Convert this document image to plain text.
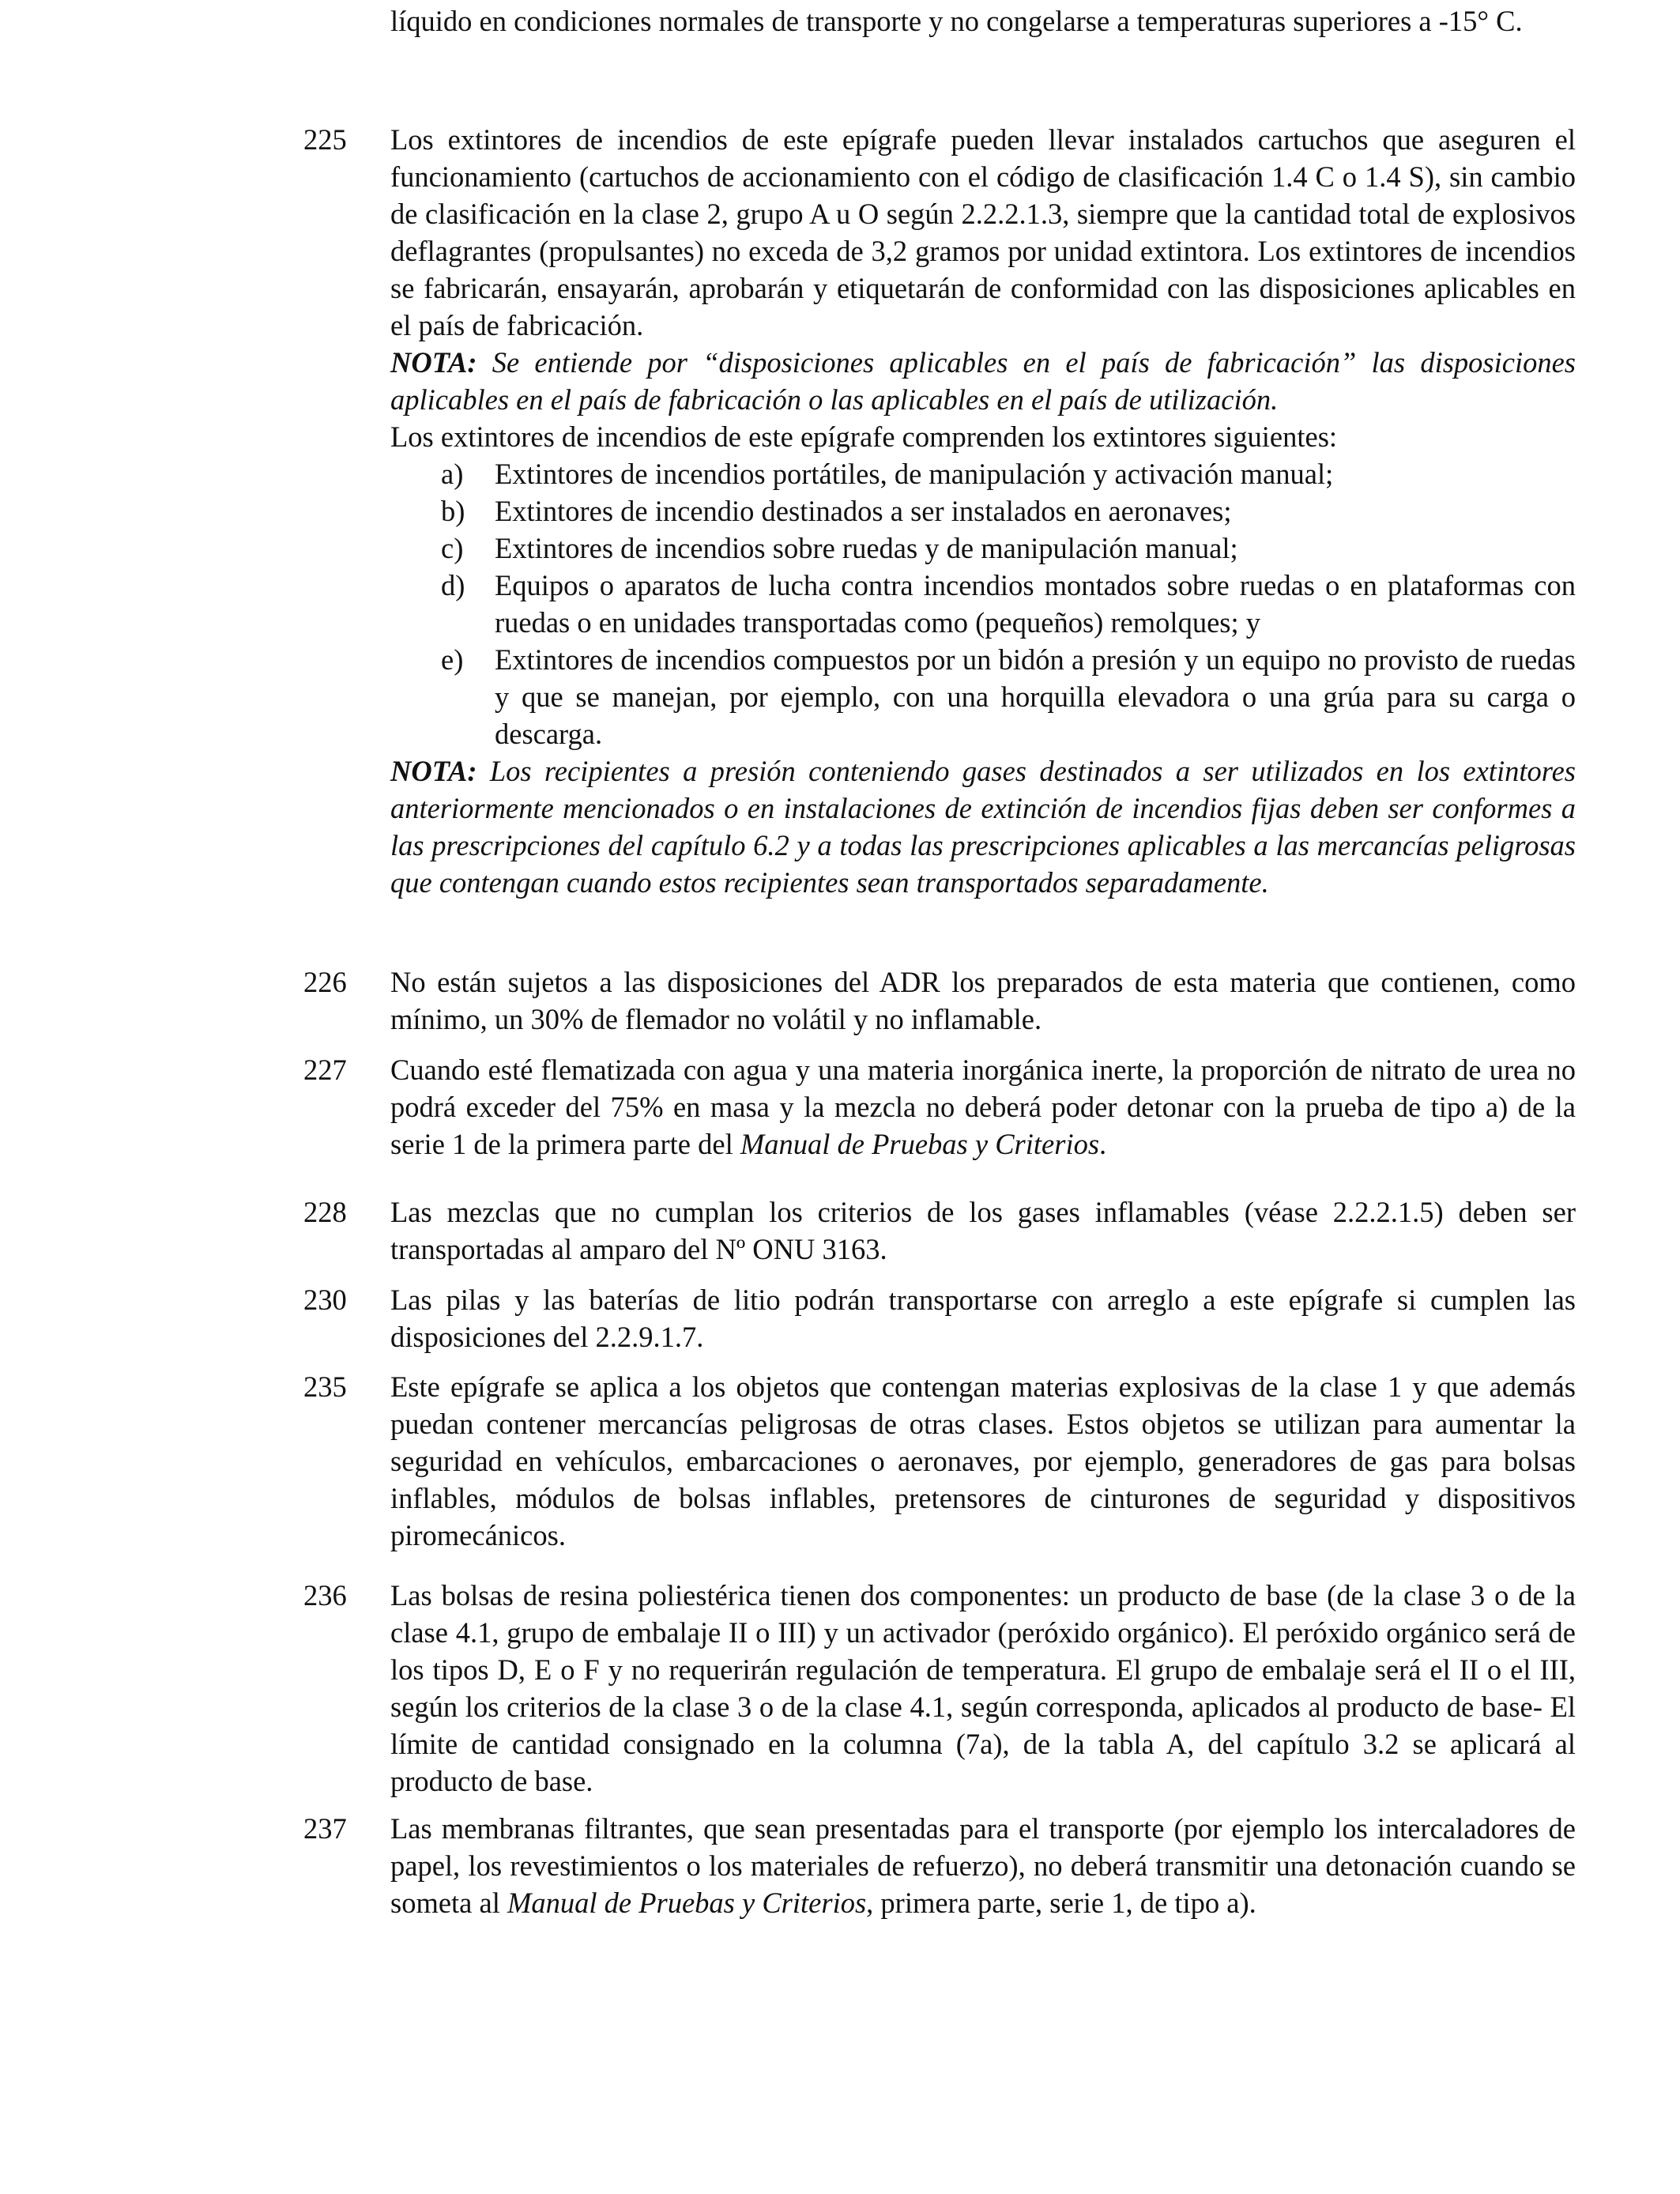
líquido en condiciones normales de transporte y no congelarse a temperaturas superiores a -15° C.
225	Los extintores de incendios de este epígrafe pueden llevar instalados cartuchos que aseguren el funcionamiento (cartuchos de accionamiento con el código de clasificación 1.4 C o 1.4 S), sin cambio de clasificación en la clase 2, grupo A u O según 2.2.2.1.3, siempre que la cantidad total de explosivos deflagrantes (propulsantes) no exceda de 3,2 gramos por unidad extintora. Los extintores de incendios se fabricarán, ensayarán, aprobarán y etiquetarán de conformidad con las disposiciones aplicables en el país de fabricación.

NOTA: Se entiende por “disposiciones aplicables en el país de fabricación” las disposiciones aplicables en el país de fabricación o las aplicables en el país de utilización.

Los extintores de incendios de este epígrafe comprenden los extintores siguientes:

a) Extintores de incendios portátiles, de manipulación y activación manual;
b) Extintores de incendio destinados a ser instalados en aeronaves;
c) Extintores de incendios sobre ruedas y de manipulación manual;
d) Equipos o aparatos de lucha contra incendios montados sobre ruedas o en plataformas con ruedas o en unidades transportadas como (pequeños) remolques; y
e) Extintores de incendios compuestos por un bidón a presión y un equipo no provisto de ruedas y que se manejan, por ejemplo, con una horquilla elevadora o una grúa para su carga o descarga.

NOTA: Los recipientes a presión conteniendo gases destinados a ser utilizados en los extintores anteriormente mencionados o en instalaciones de extinción de incendios fijas deben ser conformes a las prescripciones del capítulo 6.2 y a todas las prescripciones aplicables a las mercancías peligrosas que contengan cuando estos recipientes sean transportados separadamente.

226	No están sujetos a las disposiciones del ADR los preparados de esta materia que contienen, como mínimo, un 30% de flemador no volátil y no inflamable.

227	Cuando esté flematizada con agua y una materia inorgánica inerte, la proporción de nitrato de urea no podrá exceder del 75% en masa y la mezcla no deberá poder detonar con la prueba de tipo a) de la serie 1 de la primera parte del Manual de Pruebas y Criterios.

228	Las mezclas que no cumplan los criterios de los gases inflamables (véase 2.2.2.1.5) deben ser transportadas al amparo del Nº ONU 3163.

230	Las pilas y las baterías de litio podrán transportarse con arreglo a este epígrafe si cumplen las disposiciones del 2.2.9.1.7.

235	Este epígrafe se aplica a los objetos que contengan materias explosivas de la clase 1 y que además puedan contener mercancías peligrosas de otras clases. Estos objetos se utilizan para aumentar la seguridad en vehículos, embarcaciones o aeronaves, por ejemplo, generadores de gas para bolsas inflables, módulos de bolsas inflables, pretensores de cinturones de seguridad y dispositivos piromecánicos.

236	Las bolsas de resina poliestérica tienen dos componentes: un producto de base (de la clase 3 o de la clase 4.1, grupo de embalaje II o III) y un activador (peróxido orgánico). El peróxido orgánico será de los tipos D, E o F y no requerirán regulación de temperatura. El grupo de embalaje será el II o el III, según los criterios de la clase 3 o de la clase 4.1, según corresponda, aplicados al producto de base- El límite de cantidad consignado en la columna (7a), de la tabla A, del capítulo 3.2 se aplicará al producto de base.

237	Las membranas filtrantes, que sean presentadas para el transporte (por ejemplo los intercaladores de papel, los revestimientos o los materiales de refuerzo), no deberá transmitir una detonación cuando se someta al Manual de Pruebas y Criterios, primera parte, serie 1, de tipo a).
